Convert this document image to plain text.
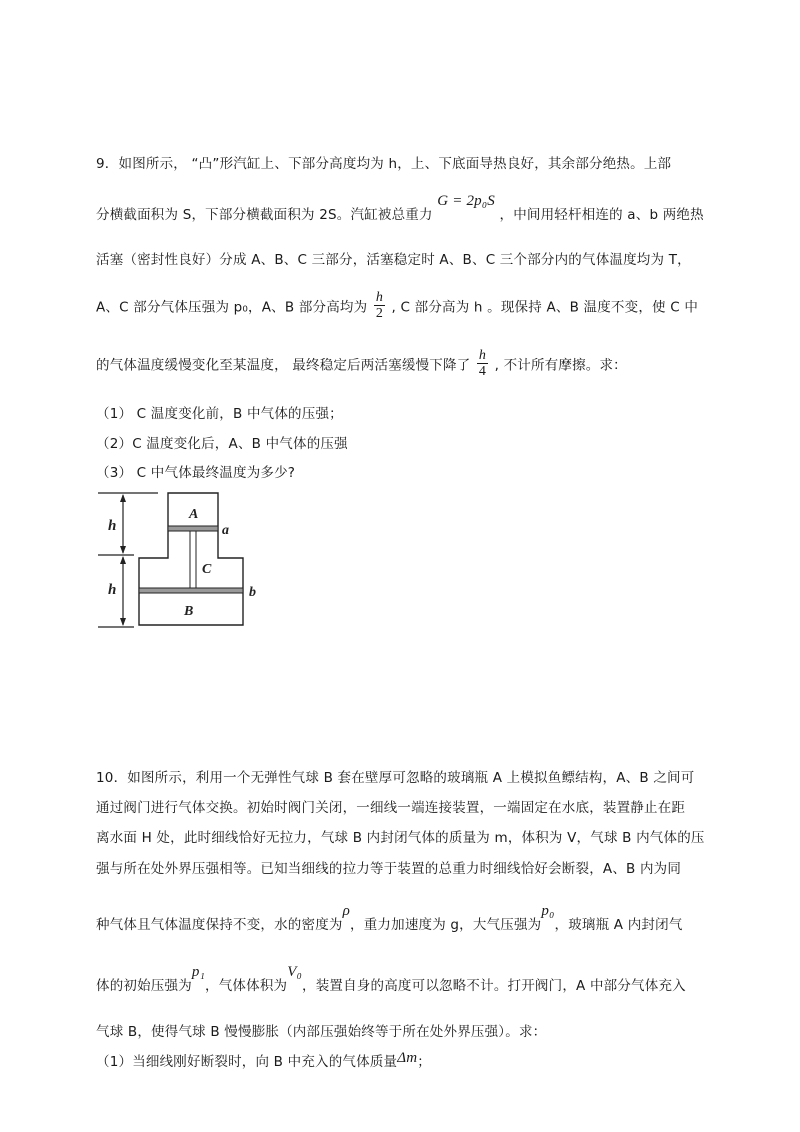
9．如图所示， “凸”形汽缸上、下部分高度均为 h，上、下底面导热良好，其余部分绝热。上部
分横截面积为 S，下部分横截面积为 2S。汽缸被总重力 G = 2p₀S ，中间用轻杆相连的 a、b 两绝热
活塞（密封性良好）分成 A、B、C 三部分，活塞稳定时 A、B、C 三个部分内的气体温度均为 T，
A、C 部分气体压强为 p₀，A、B 部分高均为 $\frac{h}{2}$ , C 部分高为 h 。现保持 A、B 温度不变，使 C 中
的气体温度缓慢变化至某温度， 最终稳定后两活塞缓慢下降了 $\frac{h}{4}$ , 不计所有摩擦。求：
（1） C 温度变化前，B 中气体的压强；
（2）C 温度变化后，A、B 中气体的压强
（3） C 中气体最终温度为多少?
h
h
A
a
C
b
B
10．如图所示，利用一个无弹性气球 B 套在壁厚可忽略的玻璃瓶 A 上模拟鱼鳔结构，A、B 之间可
通过阀门进行气体交换。初始时阀门关闭，一细线一端连接装置，一端固定在水底，装置静止在距
离水面 H 处，此时细线恰好无拉力，气球 B 内封闭气体的质量为 m，体积为 V，气球 B 内气体的压
强与所在处外界压强相等。已知当细线的拉力等于装置的总重力时细线恰好会断裂，A、B 内为同
种气体且气体温度保持不变，水的密度为ρ，重力加速度为 g，大气压强为p₀，玻璃瓶 A 内封闭气
体的初始压强为p₁，气体体积为V₀，装置自身的高度可以忽略不计。打开阀门，A 中部分气体充入
气球 B，使得气球 B 慢慢膨胀（内部压强始终等于所在处外界压强）。求：
（1）当细线刚好断裂时，向 B 中充入的气体质量Δm；
